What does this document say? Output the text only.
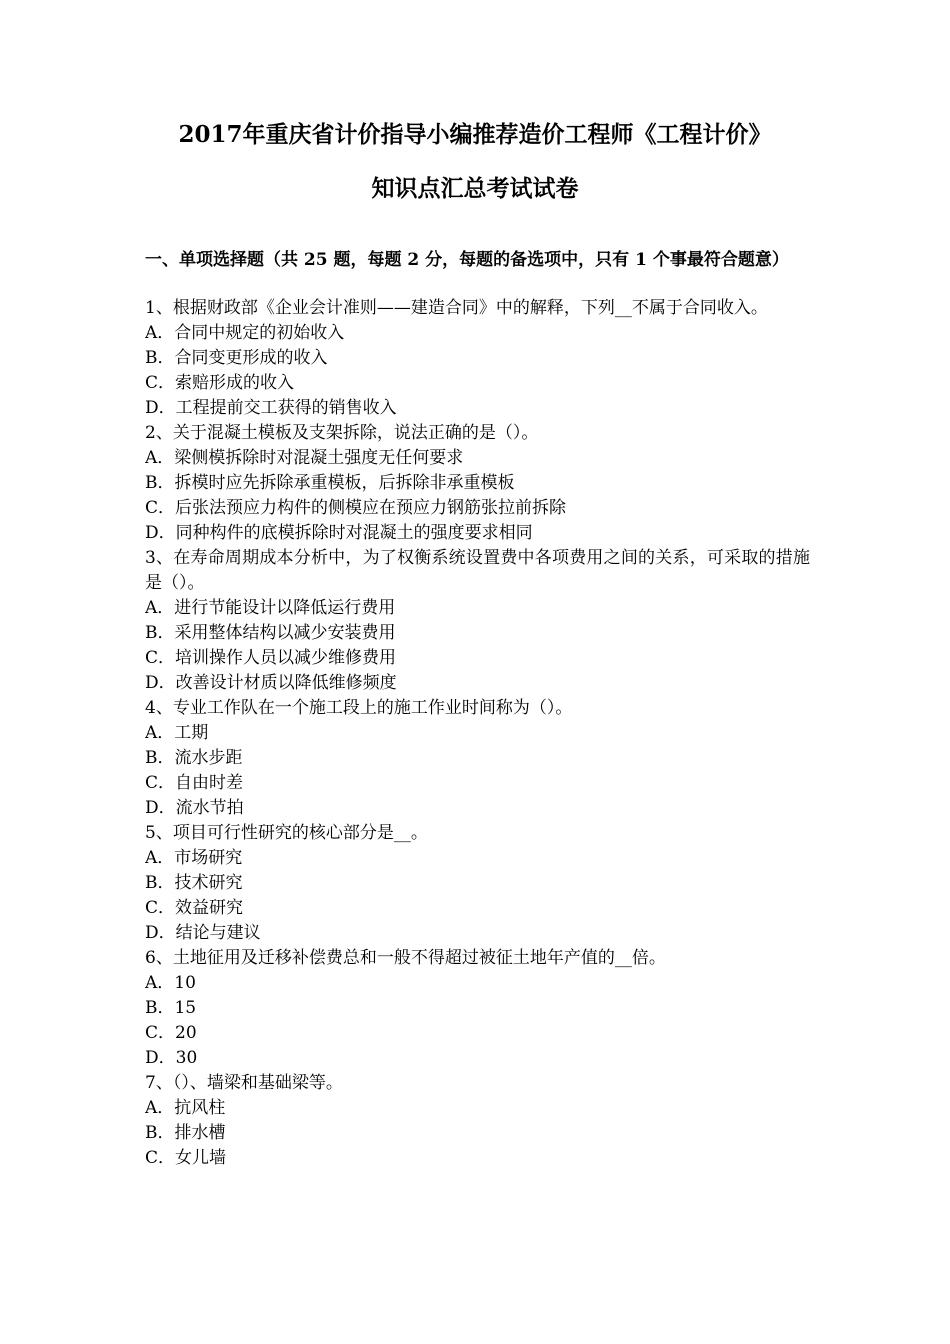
2017年重庆省计价指导小编推荐造价工程师《工程计价》
知识点汇总考试试卷
一、单项选择题（共 25 题，每题 2 分，每题的备选项中，只有 1 个事最符合题意）
1、根据财政部《企业会计准则——建造合同》中的解释，下列__不属于合同收入。
A．合同中规定的初始收入
B．合同变更形成的收入
C．索赔形成的收入
D．工程提前交工获得的销售收入
2、关于混凝土模板及支架拆除，说法正确的是（）。
A．梁侧模拆除时对混凝土强度无任何要求
B．拆模时应先拆除承重模板，后拆除非承重模板
C．后张法预应力构件的侧模应在预应力钢筋张拉前拆除
D．同种构件的底模拆除时对混凝土的强度要求相同
3、在寿命周期成本分析中，为了权衡系统设置费中各项费用之间的关系，可采取的措施是（）。
A．进行节能设计以降低运行费用
B．采用整体结构以减少安装费用
C．培训操作人员以减少维修费用
D．改善设计材质以降低维修频度
4、专业工作队在一个施工段上的施工作业时间称为（）。
A．工期
B．流水步距
C．自由时差
D．流水节拍
5、项目可行性研究的核心部分是__。
A．市场研究
B．技术研究
C．效益研究
D．结论与建议
6、土地征用及迁移补偿费总和一般不得超过被征土地年产值的__倍。
A．10
B．15
C．20
D．30
7、（）、墙梁和基础梁等。
A．抗风柱
B．排水槽
C．女儿墙
